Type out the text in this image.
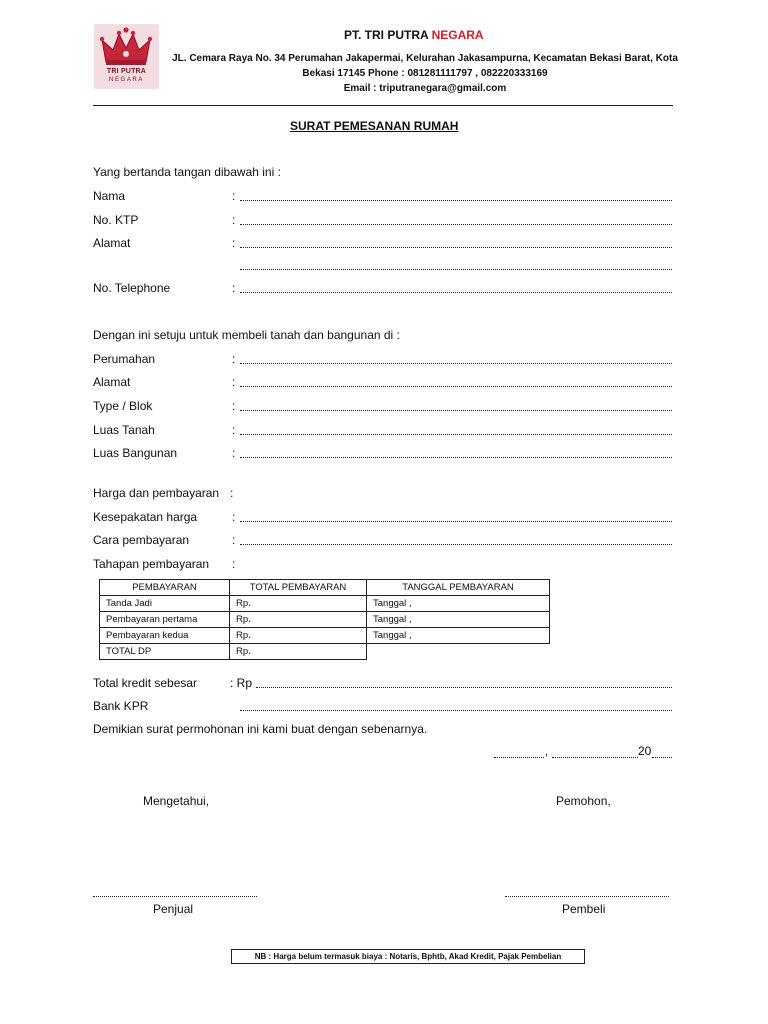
TRI PUTRA
NEGARA
PT. TRI PUTRA NEGARA
JL. Cemara Raya No. 34 Perumahan Jakapermai, Kelurahan Jakasampurna, Kecamatan Bekasi Barat, Kota
Bekasi 17145 Phone : 081281111797 , 082220333169
Email : triputranegara@gmail.com
SURAT PEMESANAN RUMAH
Yang bertanda tangan dibawah ini :
Nama	:
No. KTP	:
Alamat	:
No. Telephone	:
Dengan ini setuju untuk membeli tanah dan bangunan di :
Perumahan	:
Alamat	:
Type / Blok	:
Luas Tanah	:
Luas Bangunan	:
Harga dan pembayaran :
Kesepakatan harga	:
Cara pembayaran	:
Tahapan pembayaran :
PEMBAYARAN	TOTAL PEMBAYARAN	TANGGAL PEMBAYARAN
Tanda Jadi	Rp.	Tanggal ,
Pembayaran pertama	Rp.	Tanggal ,
Pembayaran kedua	Rp.	Tanggal ,
TOTAL DP	Rp.	
Total kredit sebesar	: Rp
Bank KPR
Demikian surat permohonan ini kami buat dengan sebenarnya.
,	20
Mengetahui,	Pemohon,
Penjual	Pembeli
NB : Harga belum termasuk biaya : Notaris, Bphtb, Akad Kredit, Pajak Pembelian
